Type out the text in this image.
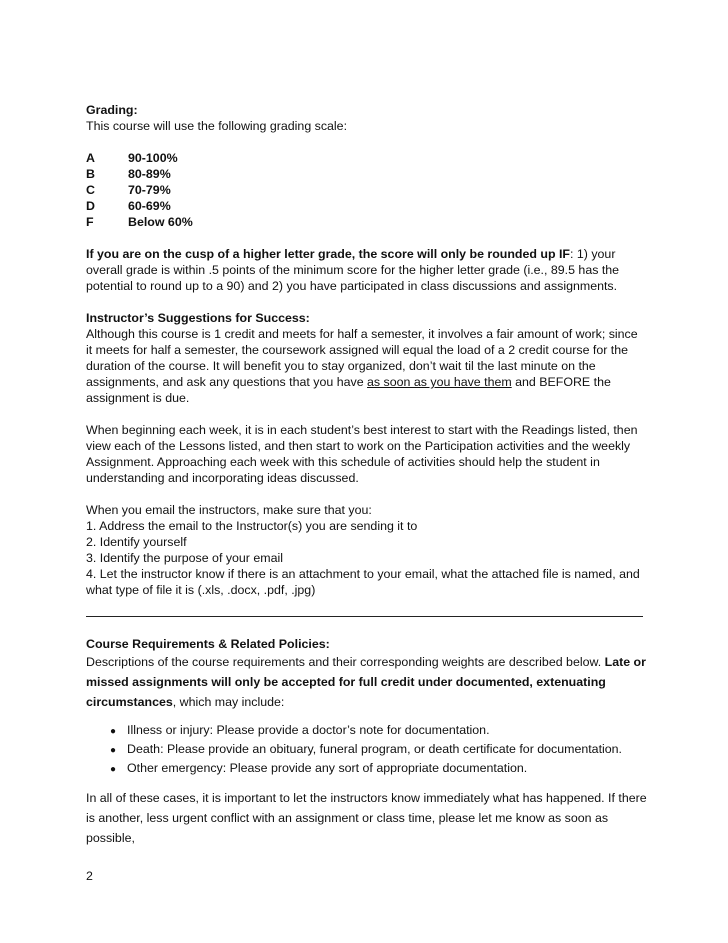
Grading:

This course will use the following grading scale:

A	90-100%
B	80-89%
C	70-79%
D	60-69%
F	Below 60%

If you are on the cusp of a higher letter grade, the score will only be rounded up IF: 1) your overall grade is within .5 points of the minimum score for the higher letter grade (i.e., 89.5 has the potential to round up to a 90) and 2) you have participated in class discussions and assignments.

Instructor’s Suggestions for Success:

Although this course is 1 credit and meets for half a semester, it involves a fair amount of work; since it meets for half a semester, the coursework assigned will equal the load of a 2 credit course for the duration of the course. It will benefit you to stay organized, don’t wait til the last minute on the assignments, and ask any questions that you have as soon as you have them and BEFORE the assignment is due.

When beginning each week, it is in each student’s best interest to start with the Readings listed, then view each of the Lessons listed, and then start to work on the Participation activities and the weekly Assignment. Approaching each week with this schedule of activities should help the student in understanding and incorporating ideas discussed.

When you email the instructors, make sure that you:

1. Address the email to the Instructor(s) you are sending it to

2. Identify yourself

3. Identify the purpose of your email

4. Let the instructor know if there is an attachment to your email, what the attached file is named, and what type of file it is (.xls, .docx, .pdf, .jpg)

Course Requirements & Related Policies:

Descriptions of the course requirements and their corresponding weights are described below. Late or missed assignments will only be accepted for full credit under documented, extenuating circumstances, which may include:

● Illness or injury: Please provide a doctor’s note for documentation.
● Death: Please provide an obituary, funeral program, or death certificate for documentation.
● Other emergency: Please provide any sort of appropriate documentation.

In all of these cases, it is important to let the instructors know immediately what has happened. If there is another, less urgent conflict with an assignment or class time, please let me know as soon as possible,

2
